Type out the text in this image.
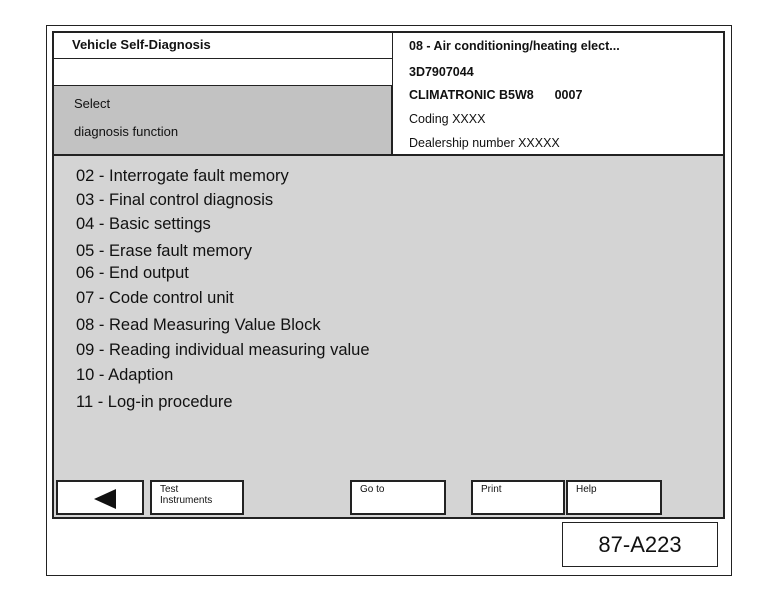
Vehicle Self-Diagnosis
Select
diagnosis function
08 - Air conditioning/heating elect...
3D7907044
CLIMATRONIC B5W8      0007
Coding XXXX
Dealership number XXXXX
02 - Interrogate fault memory
03 - Final control diagnosis
04 - Basic settings
05 - Erase fault memory
06 - End output
07 - Code control unit
08 - Read Measuring Value Block
09 - Reading individual measuring value
10 - Adaption
11 - Log-in procedure
Test
Instruments
Go to	Print	Help
87-A223
